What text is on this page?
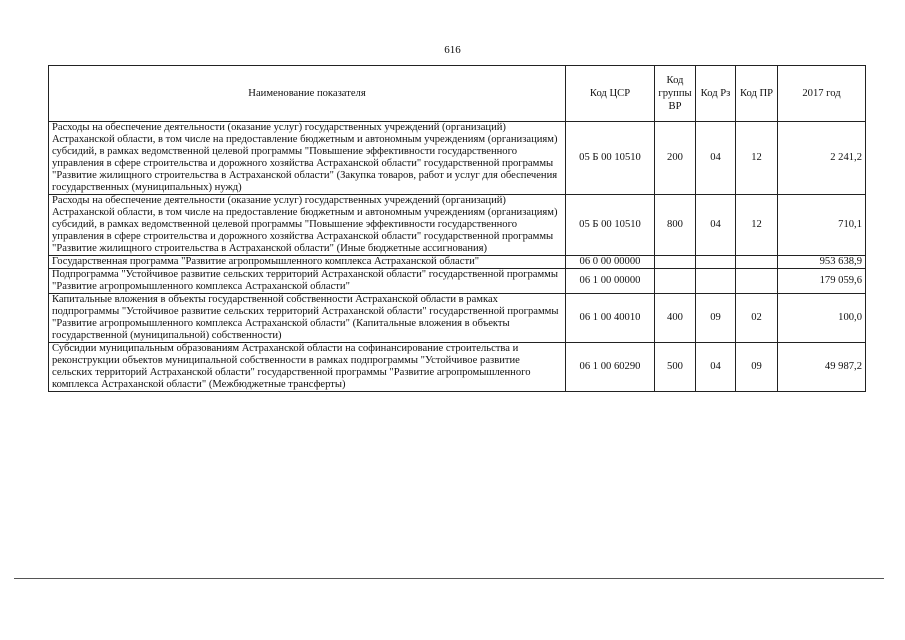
616
Наименование показателя	Код ЦСР	Код группы ВР	Код Рз	Код ПР	2017 год
Расходы на обеспечение деятельности (оказание услуг) государственных учреждений (организаций) Астраханской области, в том числе на предоставление бюджетным и автономным учреждениям (организациям) субсидий, в рамках ведомственной целевой программы "Повышение эффективности государственного управления в сфере строительства и дорожного хозяйства Астраханской области" государственной программы "Развитие жилищного строительства в Астраханской области" (Закупка товаров, работ и услуг для обеспечения государственных (муниципальных) нужд)	05 Б 00 10510	200	04	12	2 241,2
Расходы на обеспечение деятельности (оказание услуг) государственных учреждений (организаций) Астраханской области, в том числе на предоставление бюджетным и автономным учреждениям (организациям) субсидий, в рамках ведомственной целевой программы "Повышение эффективности государственного управления в сфере строительства и дорожного хозяйства Астраханской области" государственной программы "Развитие жилищного строительства в Астраханской области" (Иные бюджетные ассигнования)	05 Б 00 10510	800	04	12	710,1
Государственная программа "Развитие агропромышленного комплекса Астраханской области"	06 0 00 00000				953 638,9
Подпрограмма "Устойчивое развитие сельских территорий Астраханской области" государственной программы "Развитие агропромышленного комплекса Астраханской области"	06 1 00 00000				179 059,6
Капитальные вложения в объекты государственной собственности Астраханской области в рамках подпрограммы "Устойчивое развитие сельских территорий Астраханской области" государственной программы "Развитие агропромышленного комплекса Астраханской области" (Капитальные вложения в объекты государственной (муниципальной) собственности)	06 1 00 40010	400	09	02	100,0
Субсидии муниципальным образованиям Астраханской области на софинансирование строительства и реконструкции объектов муниципальной собственности в рамках подпрограммы "Устойчивое развитие сельских территорий Астраханской области" государственной программы "Развитие агропромышленного комплекса Астраханской области" (Межбюджетные трансферты)	06 1 00 60290	500	04	09	49 987,2
